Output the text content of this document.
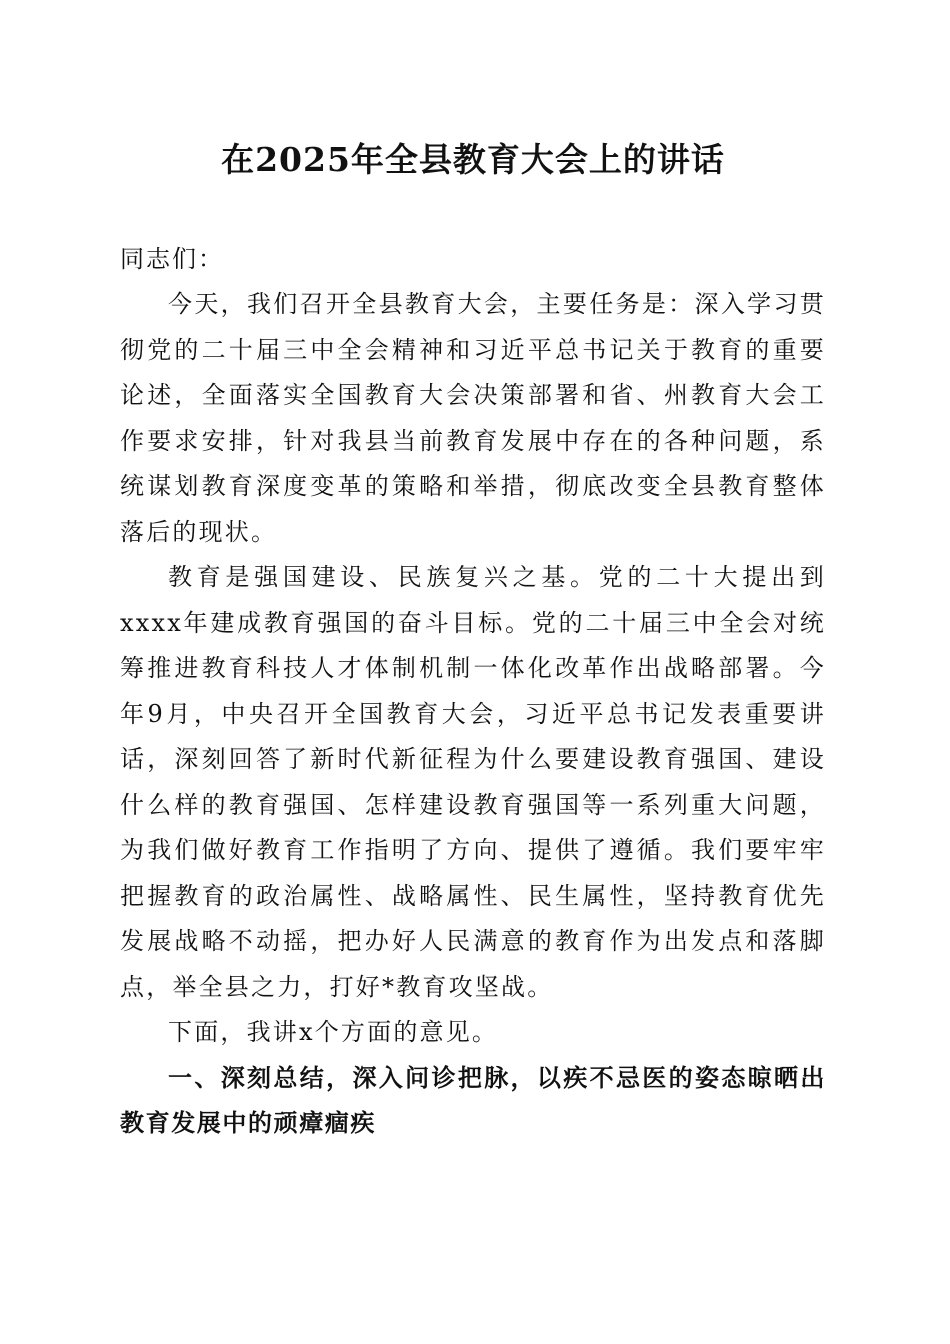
在2025年全县教育大会上的讲话

同志们：

今天，我们召开全县教育大会，主要任务是：深入学习贯彻党的二十届三中全会精神和习近平总书记关于教育的重要论述，全面落实全国教育大会决策部署和省、州教育大会工作要求安排，针对我县当前教育发展中存在的各种问题，系统谋划教育深度变革的策略和举措，彻底改变全县教育整体落后的现状。

教育是强国建设、民族复兴之基。党的二十大提出到xxxx年建成教育强国的奋斗目标。党的二十届三中全会对统筹推进教育科技人才体制机制一体化改革作出战略部署。今年9月，中央召开全国教育大会，习近平总书记发表重要讲话，深刻回答了新时代新征程为什么要建设教育强国、建设什么样的教育强国、怎样建设教育强国等一系列重大问题，为我们做好教育工作指明了方向、提供了遵循。我们要牢牢把握教育的政治属性、战略属性、民生属性，坚持教育优先发展战略不动摇，把办好人民满意的教育作为出发点和落脚点，举全县之力，打好*教育攻坚战。

下面，我讲x个方面的意见。

一、深刻总结，深入问诊把脉，以疾不忌医的姿态晾晒出教育发展中的顽瘴痼疾
